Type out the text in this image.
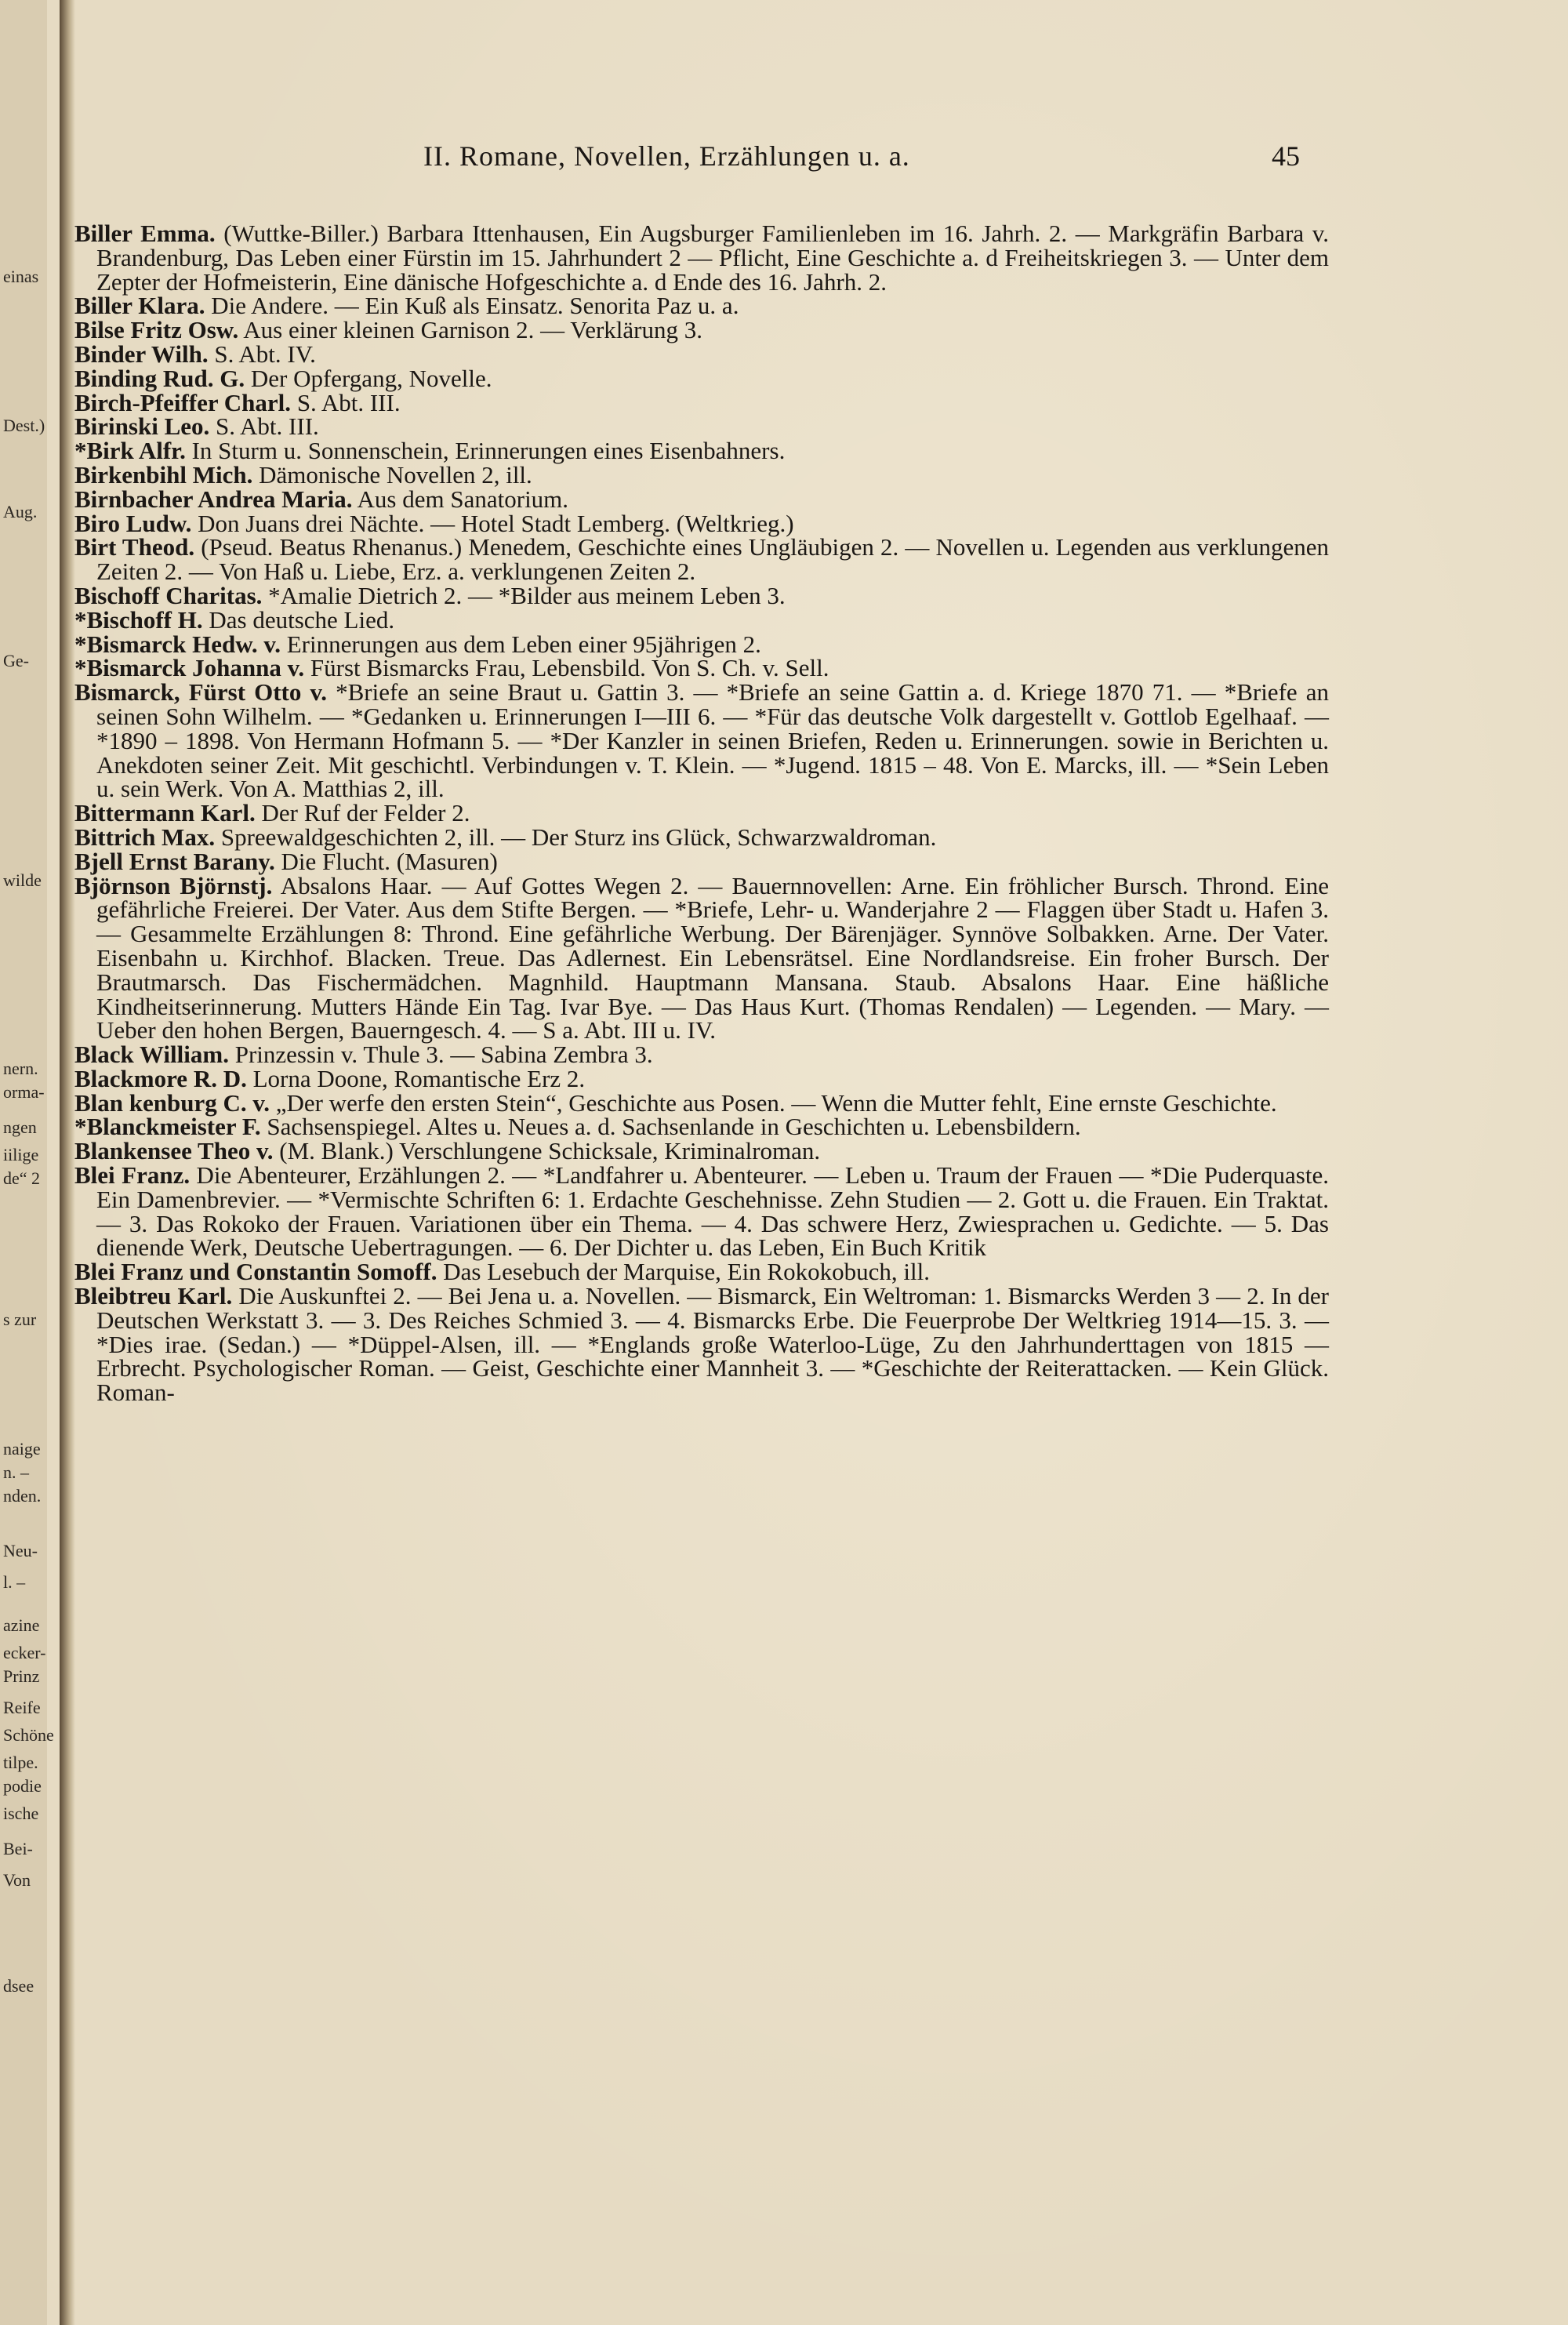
einas
Dest.)
Aug.
Ge-
wilde
nern.
orma-
ngen
iilige
de“ 2
s zur
naige
n. –
nden.
Neu-
l. –
azine
ecker-
Prinz
Reife
Schöne
tilpe.
podie
ische
Bei-
Von
dsee
II. Romane, Novellen, Erzählungen u. a.	45

Biller Emma. (Wuttke-Biller.) Barbara Ittenhausen, Ein Augsburger Familienleben im 16. Jahrh. 2. — Markgräfin Barbara v. Brandenburg, Das Leben einer Fürstin im 15. Jahrhundert 2 — Pflicht, Eine Geschichte a. d Freiheitskriegen 3. — Unter dem Zepter der Hofmeisterin, Eine dänische Hofgeschichte a. d Ende des 16. Jahrh. 2.

Biller Klara. Die Andere. — Ein Kuß als Einsatz. Senorita Paz u. a.

Bilse Fritz Osw. Aus einer kleinen Garnison 2. — Verklärung 3.

Binder Wilh. S. Abt. IV.

Binding Rud. G. Der Opfergang, Novelle.

Birch-Pfeiffer Charl. S. Abt. III.

Birinski Leo. S. Abt. III.

*Birk Alfr. In Sturm u. Sonnenschein, Erinnerungen eines Eisenbahners.

Birkenbihl Mich. Dämonische Novellen 2, ill.

Birnbacher Andrea Maria. Aus dem Sanatorium.

Biro Ludw. Don Juans drei Nächte. — Hotel Stadt Lemberg. (Weltkrieg.)

Birt Theod. (Pseud. Beatus Rhenanus.) Menedem, Geschichte eines Ungläubigen 2. — Novellen u. Legenden aus verklungenen Zeiten 2. — Von Haß u. Liebe, Erz. a. verklungenen Zeiten 2.

Bischoff Charitas. *Amalie Dietrich 2. — *Bilder aus meinem Leben 3.

*Bischoff H. Das deutsche Lied.

*Bismarck Hedw. v. Erinnerungen aus dem Leben einer 95jährigen 2.

*Bismarck Johanna v. Fürst Bismarcks Frau, Lebensbild. Von S. Ch. v. Sell.

Bismarck, Fürst Otto v. *Briefe an seine Braut u. Gattin 3. — *Briefe an seine Gattin a. d. Kriege 1870 71. — *Briefe an seinen Sohn Wilhelm. — *Gedanken u. Erinnerungen I—III 6. — *Für das deutsche Volk dargestellt v. Gottlob Egelhaaf. — *1890 – 1898. Von Hermann Hofmann 5. — *Der Kanzler in seinen Briefen, Reden u. Erinnerungen. sowie in Berichten u. Anekdoten seiner Zeit. Mit geschichtl. Verbindungen v. T. Klein. — *Jugend. 1815 – 48. Von E. Marcks, ill. — *Sein Leben u. sein Werk. Von A. Matthias 2, ill.

Bittermann Karl. Der Ruf der Felder 2.

Bittrich Max. Spreewaldgeschichten 2, ill. — Der Sturz ins Glück, Schwarzwaldroman.

Bjell Ernst Barany. Die Flucht. (Masuren)

Björnson Björnstj. Absalons Haar. — Auf Gottes Wegen 2. — Bauernnovellen: Arne. Ein fröhlicher Bursch. Thrond. Eine gefährliche Freierei. Der Vater. Aus dem Stifte Bergen. — *Briefe, Lehr- u. Wanderjahre 2 — Flaggen über Stadt u. Hafen 3. — Gesammelte Erzählungen 8: Thrond. Eine gefährliche Werbung. Der Bärenjäger. Synnöve Solbakken. Arne. Der Vater. Eisenbahn u. Kirchhof. Blacken. Treue. Das Adlernest. Ein Lebensrätsel. Eine Nordlandsreise. Ein froher Bursch. Der Brautmarsch. Das Fischermädchen. Magnhild. Hauptmann Mansana. Staub. Absalons Haar. Eine häßliche Kindheitserinnerung. Mutters Hände Ein Tag. Ivar Bye. — Das Haus Kurt. (Thomas Rendalen) — Legenden. — Mary. — Ueber den hohen Bergen, Bauerngesch. 4. — S a. Abt. III u. IV.

Black William. Prinzessin v. Thule 3. — Sabina Zembra 3.

Blackmore R. D. Lorna Doone, Romantische Erz 2.

Blan kenburg C. v. „Der werfe den ersten Stein“, Geschichte aus Posen. — Wenn die Mutter fehlt, Eine ernste Geschichte.

*Blanckmeister F. Sachsenspiegel. Altes u. Neues a. d. Sachsenlande in Geschichten u. Lebensbildern.

Blankensee Theo v. (M. Blank.) Verschlungene Schicksale, Kriminalroman.

Blei Franz. Die Abenteurer, Erzählungen 2. — *Landfahrer u. Abenteurer. — Leben u. Traum der Frauen — *Die Puderquaste. Ein Damenbrevier. — *Vermischte Schriften 6: 1. Erdachte Geschehnisse. Zehn Studien — 2. Gott u. die Frauen. Ein Traktat. — 3. Das Rokoko der Frauen. Variationen über ein Thema. — 4. Das schwere Herz, Zwiesprachen u. Gedichte. — 5. Das dienende Werk, Deutsche Uebertragungen. — 6. Der Dichter u. das Leben, Ein Buch Kritik

Blei Franz und Constantin Somoff. Das Lesebuch der Marquise, Ein Rokokobuch, ill.

Bleibtreu Karl. Die Auskunftei 2. — Bei Jena u. a. Novellen. — Bismarck, Ein Weltroman: 1. Bismarcks Werden 3 — 2. In der Deutschen Werkstatt 3. — 3. Des Reiches Schmied 3. — 4. Bismarcks Erbe. Die Feuerprobe Der Weltkrieg 1914—15. 3. — *Dies irae. (Sedan.) — *Düppel-Alsen, ill. — *Englands große Waterloo-Lüge, Zu den Jahrhunderttagen von 1815 — Erbrecht. Psychologischer Roman. — Geist, Geschichte einer Mannheit 3. — *Geschichte der Reiterattacken. — Kein Glück. Roman-
